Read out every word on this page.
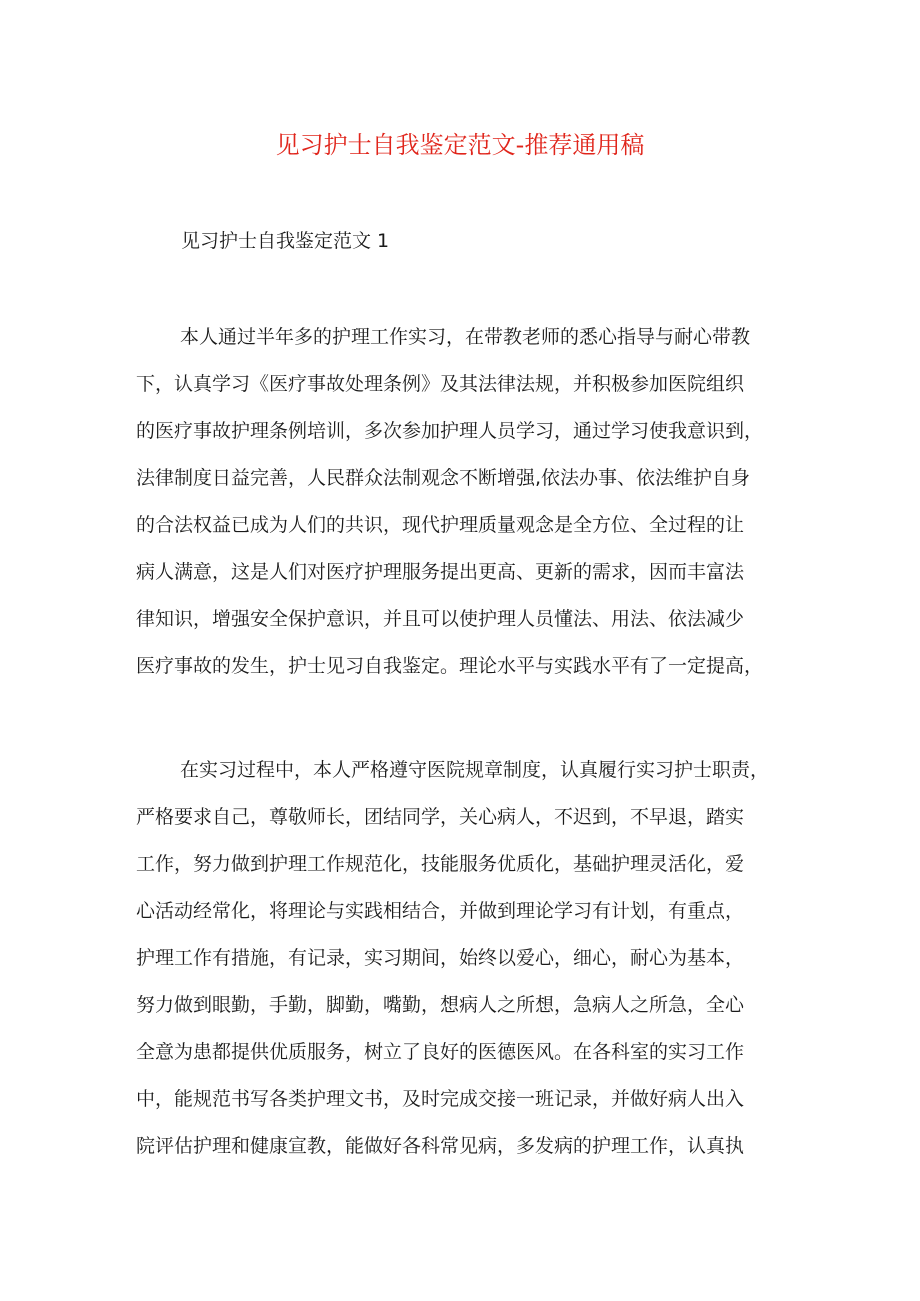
见习护士自我鉴定范文-推荐通用稿
见习护士自我鉴定范文 1
本人通过半年多的护理工作实习，在带教老师的悉心指导与耐心带教
下，认真学习《医疗事故处理条例》及其法律法规，并积极参加医院组织
的医疗事故护理条例培训，多次参加护理人员学习，通过学习使我意识到，
法律制度日益完善，人民群众法制观念不断增强,依法办事、依法维护自身
的合法权益已成为人们的共识，现代护理质量观念是全方位、全过程的让
病人满意，这是人们对医疗护理服务提出更高、更新的需求，因而丰富法
律知识，增强安全保护意识，并且可以使护理人员懂法、用法、依法减少
医疗事故的发生，护士见习自我鉴定。理论水平与实践水平有了一定提高，
在实习过程中，本人严格遵守医院规章制度，认真履行实习护士职责，
严格要求自己，尊敬师长，团结同学，关心病人，不迟到，不早退，踏实
工作，努力做到护理工作规范化，技能服务优质化，基础护理灵活化，爱
心活动经常化，将理论与实践相结合，并做到理论学习有计划，有重点，
护理工作有措施，有记录，实习期间，始终以爱心，细心，耐心为基本，
努力做到眼勤，手勤，脚勤，嘴勤，想病人之所想，急病人之所急，全心
全意为患都提供优质服务，树立了良好的医德医风。在各科室的实习工作
中，能规范书写各类护理文书，及时完成交接一班记录，并做好病人出入
院评估护理和健康宣教，能做好各科常见病，多发病的护理工作，认真执
